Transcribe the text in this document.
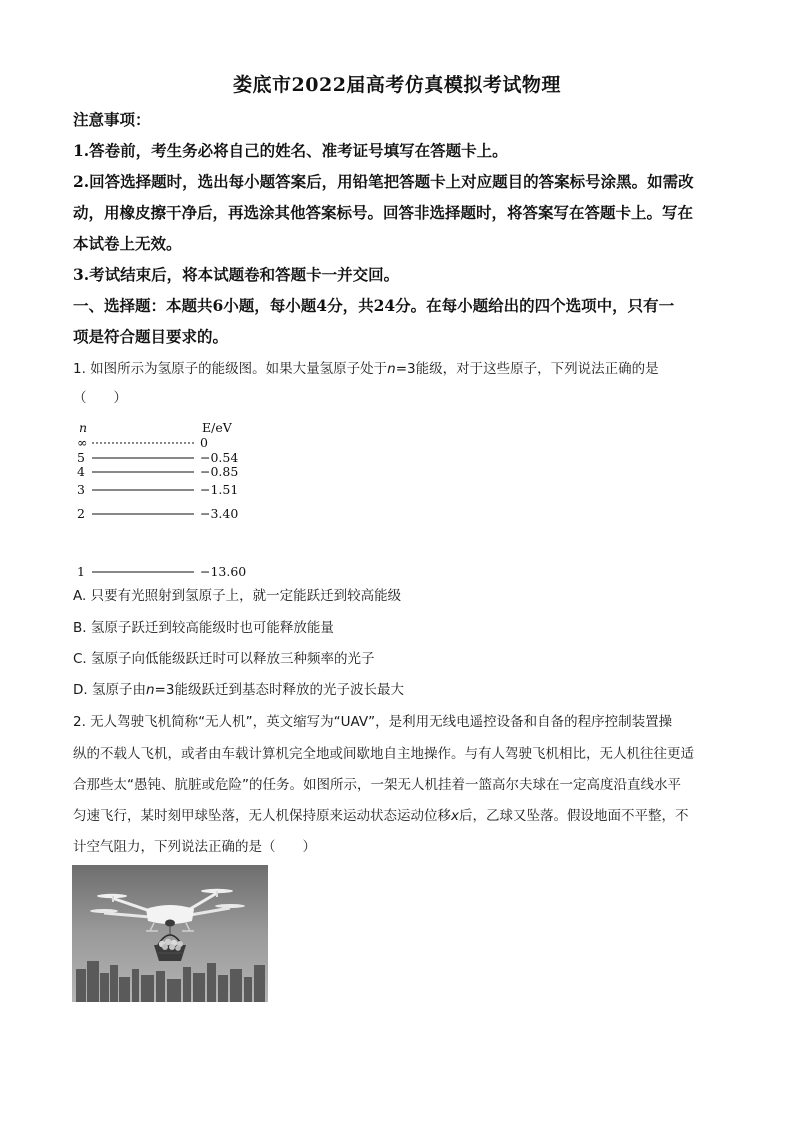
娄底市2022届高考仿真模拟考试物理
注意事项：
1.答卷前，考生务必将自己的姓名、准考证号填写在答题卡上。
2.回答选择题时，选出每小题答案后，用铅笔把答题卡上对应题目的答案标号涂黑。如需改
动，用橡皮擦干净后，再选涂其他答案标号。回答非选择题时，将答案写在答题卡上。写在
本试卷上无效。
3.考试结束后，将本试题卷和答题卡一并交回。
一、选择题：本题共6小题，每小题4分，共24分。在每小题给出的四个选项中，只有一
项是符合题目要求的。
1. 如图所示为氢原子的能级图。如果大量氢原子处于n=3能级，对于这些原子，下列说法正确的是
（　　）
n	E/eV
∞	0
5	−0.54
4	−0.85
3	−1.51
2	−3.40
1	−13.60
A. 只要有光照射到氢原子上，就一定能跃迁到较高能级
B. 氢原子跃迁到较高能级时也可能释放能量
C. 氢原子向低能级跃迁时可以释放三种频率的光子
D. 氢原子由n=3能级跃迁到基态时释放的光子波长最大
2. 无人驾驶飞机简称“无人机”，英文缩写为“UAV”，是利用无线电遥控设备和自备的程序控制装置操
纵的不载人飞机，或者由车载计算机完全地或间歇地自主地操作。与有人驾驶飞机相比，无人机往往更适
合那些太“愚钝、肮脏或危险”的任务。如图所示，一架无人机挂着一篮高尔夫球在一定高度沿直线水平
匀速飞行，某时刻甲球坠落，无人机保持原来运动状态运动位移x后，乙球又坠落。假设地面不平整，不
计空气阻力，下列说法正确的是（　　）
